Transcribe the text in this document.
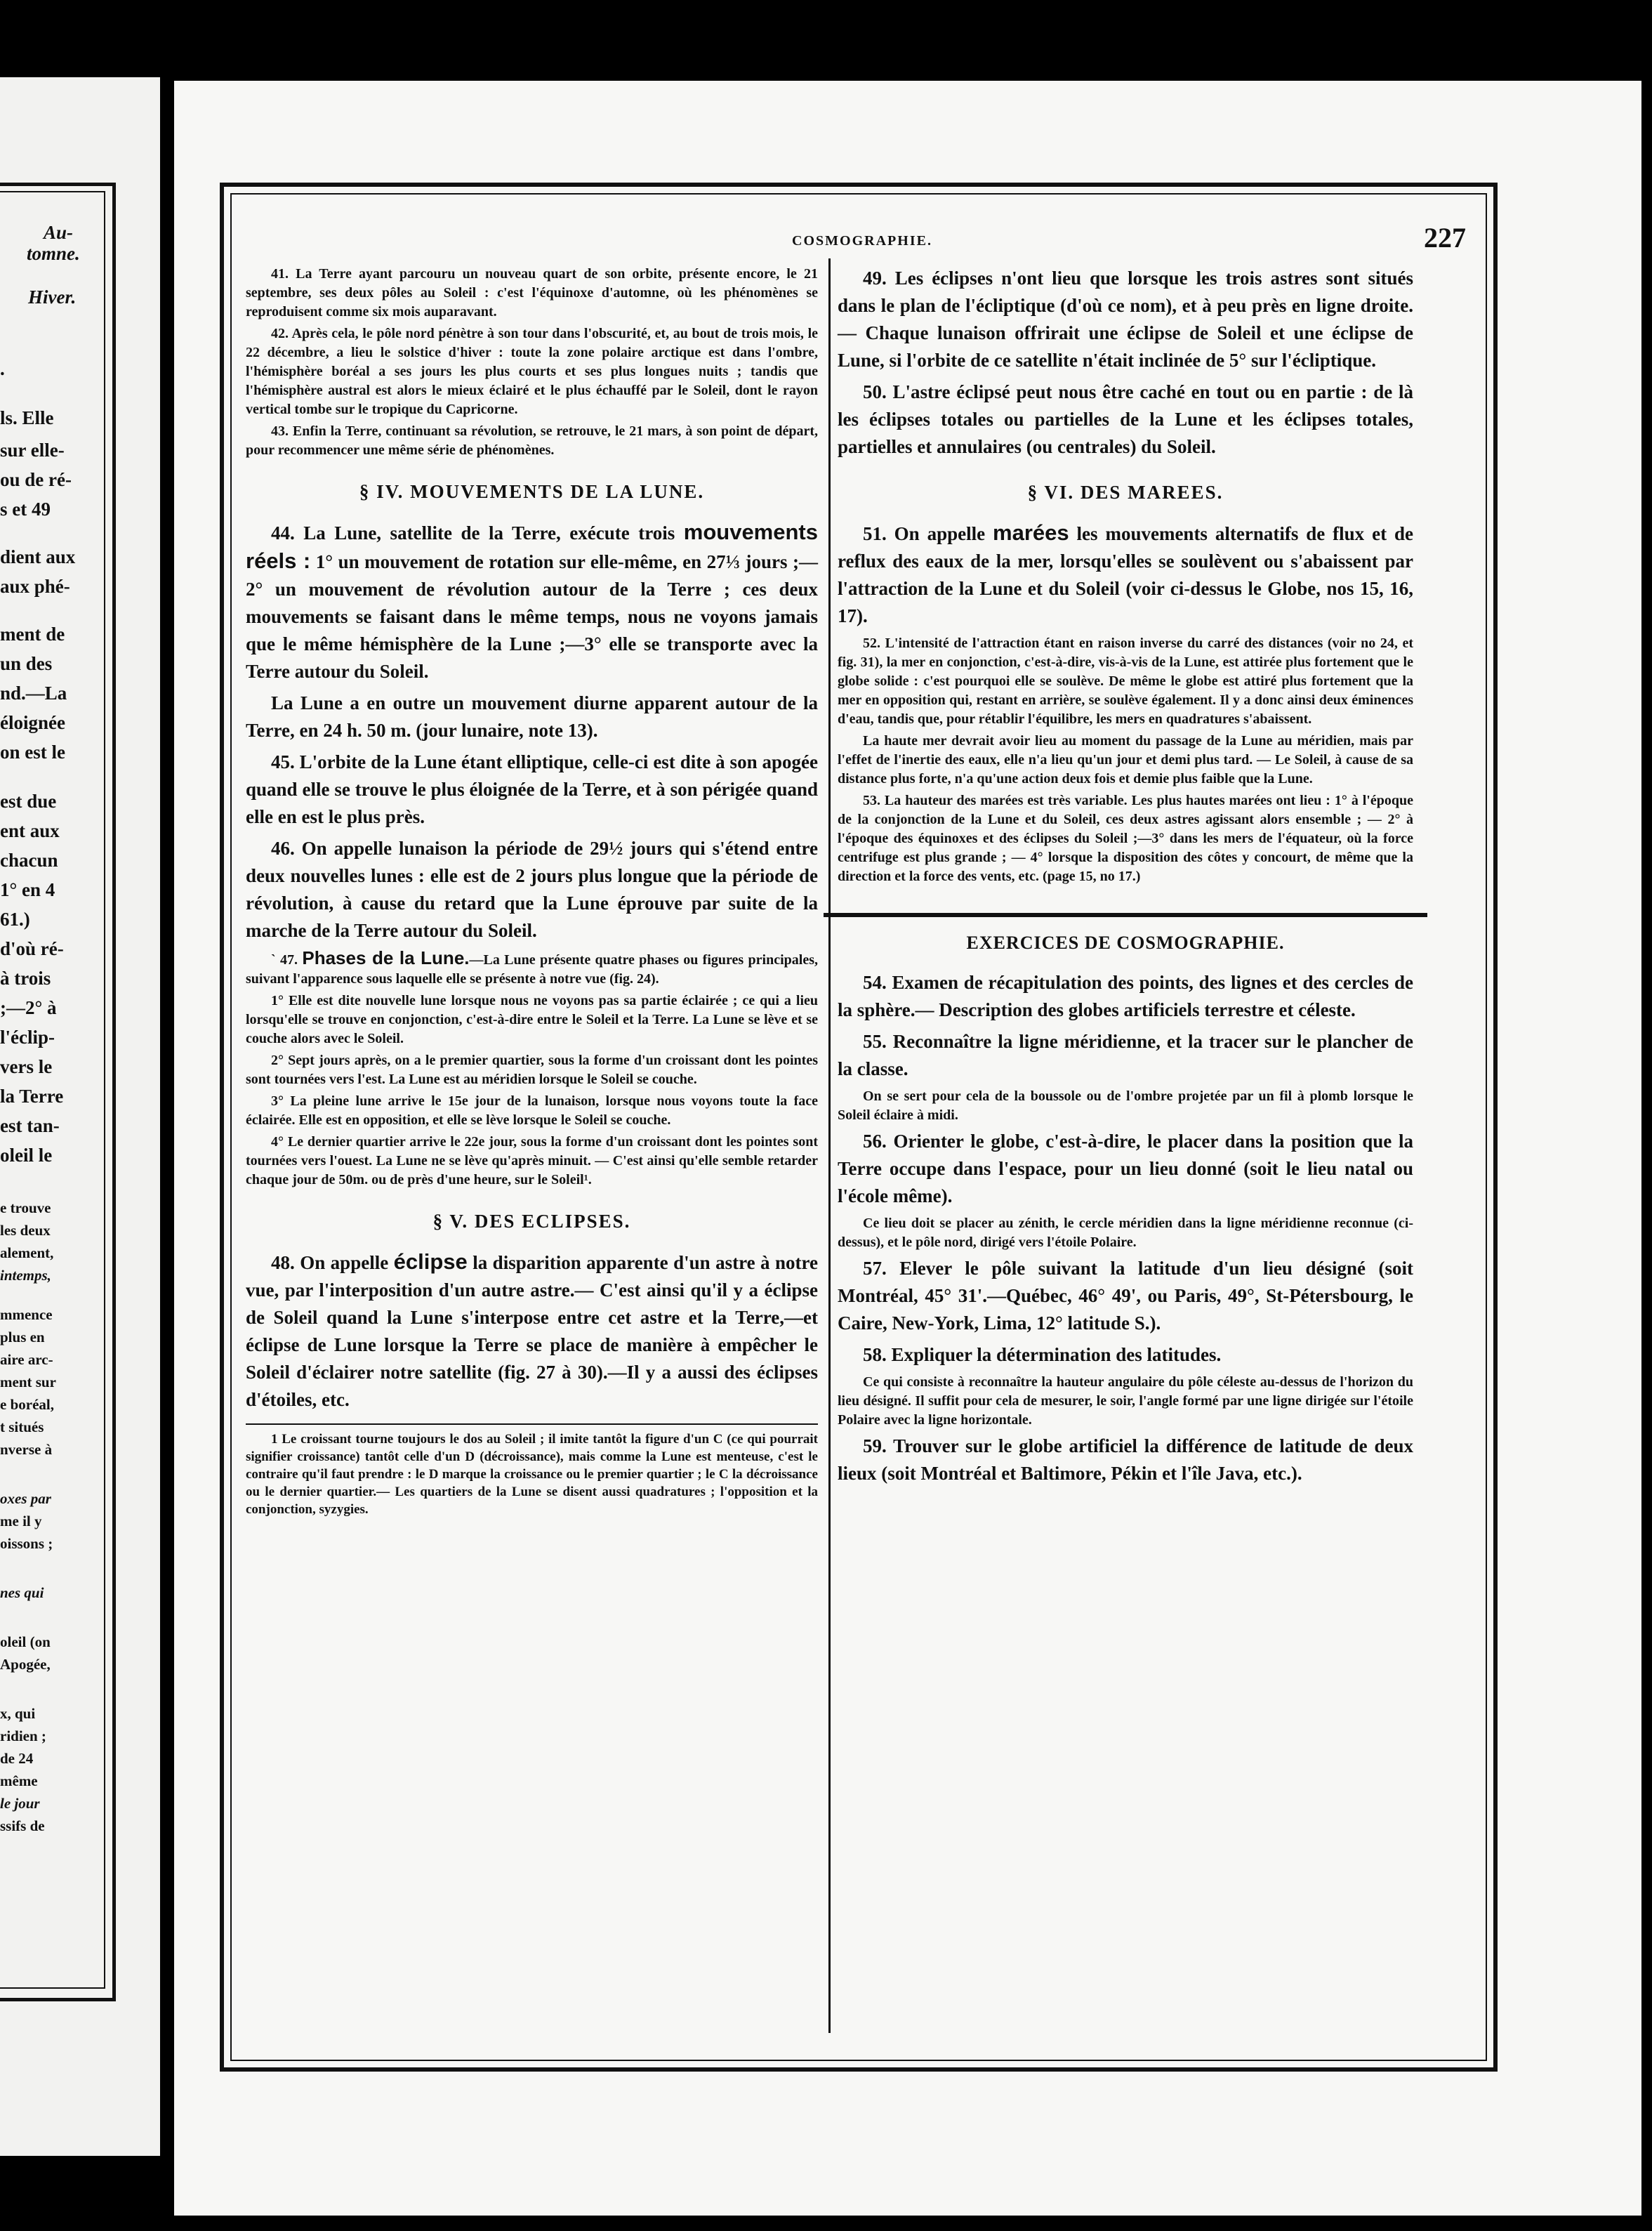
Au-
tomne.
Hiver.
.
ls. Elle
sur elle-
ou de ré-
s et 49
dient aux
aux phé-
ment de
un des
nd.—La
éloignée
on est le
est due
ent aux
chacun
1° en 4
61.)
d'où ré-
à trois
;—2° à
l'éclip-
vers le
la Terre
est tan-
oleil le
e trouve
les deux
alement,
intemps,
mmence
plus en
aire arc-
ment sur
e boréal,
t situés
nverse à
oxes par
me il y
oissons ;
nes qui
oleil (on
Apogée,
x, qui
ridien ;
de 24
même
le jour
ssifs de
COSMOGRAPHIE.	227

41. La Terre ayant parcouru un nouveau quart de son orbite, présente encore, le 21 septembre, ses deux pôles au Soleil : c'est l'équinoxe d'automne, où les phénomènes se reproduisent comme six mois auparavant.

42. Après cela, le pôle nord pénètre à son tour dans l'obscurité, et, au bout de trois mois, le 22 décembre, a lieu le solstice d'hiver : toute la zone polaire arctique est dans l'ombre, l'hémisphère boréal a ses jours les plus courts et ses plus longues nuits ; tandis que l'hémisphère austral est alors le mieux éclairé et le plus échauffé par le Soleil, dont le rayon vertical tombe sur le tropique du Capricorne.

43. Enfin la Terre, continuant sa révolution, se retrouve, le 21 mars, à son point de départ, pour recommencer une même série de phénomènes.

§ IV. MOUVEMENTS DE LA LUNE.

44. La Lune, satellite de la Terre, exécute trois mouvements réels : 1° un mouvement de rotation sur elle-même, en 27⅓ jours ;— 2° un mouvement de révolution autour de la Terre ; ces deux mouvements se faisant dans le même temps, nous ne voyons jamais que le même hémisphère de la Lune ;—3° elle se transporte avec la Terre autour du Soleil.

La Lune a en outre un mouvement diurne apparent autour de la Terre, en 24 h. 50 m. (jour lunaire, note 13).

45. L'orbite de la Lune étant elliptique, celle-ci est dite à son apogée quand elle se trouve le plus éloignée de la Terre, et à son périgée quand elle en est le plus près.

46. On appelle lunaison la période de 29½ jours qui s'étend entre deux nouvelles lunes : elle est de 2 jours plus longue que la période de révolution, à cause du retard que la Lune éprouve par suite de la marche de la Terre autour du Soleil.

` 47. Phases de la Lune.—La Lune présente quatre phases ou figures principales, suivant l'apparence sous laquelle elle se présente à notre vue (fig. 24).

1° Elle est dite nouvelle lune lorsque nous ne voyons pas sa partie éclairée ; ce qui a lieu lorsqu'elle se trouve en conjonction, c'est-à-dire entre le Soleil et la Terre. La Lune se lève et se couche alors avec le Soleil.

2° Sept jours après, on a le premier quartier, sous la forme d'un croissant dont les pointes sont tournées vers l'est. La Lune est au méridien lorsque le Soleil se couche.

3° La pleine lune arrive le 15e jour de la lunaison, lorsque nous voyons toute la face éclairée. Elle est en opposition, et elle se lève lorsque le Soleil se couche.

4° Le dernier quartier arrive le 22e jour, sous la forme d'un croissant dont les pointes sont tournées vers l'ouest. La Lune ne se lève qu'après minuit. — C'est ainsi qu'elle semble retarder chaque jour de 50m. ou de près d'une heure, sur le Soleil¹.

§ V. DES ECLIPSES.

48. On appelle éclipse la disparition apparente d'un astre à notre vue, par l'interposition d'un autre astre.— C'est ainsi qu'il y a éclipse de Soleil quand la Lune s'interpose entre cet astre et la Terre,—et éclipse de Lune lorsque la Terre se place de manière à empêcher le Soleil d'éclairer notre satellite (fig. 27 à 30).—Il y a aussi des éclipses d'étoiles, etc.

1 Le croissant tourne toujours le dos au Soleil ; il imite tantôt la figure d'un C (ce qui pourrait signifier croissance) tantôt celle d'un D (décroissance), mais comme la Lune est menteuse, c'est le contraire qu'il faut prendre : le D marque la croissance ou le premier quartier ; le C la décroissance ou le dernier quartier.— Les quartiers de la Lune se disent aussi quadratures ; l'opposition et la conjonction, syzygies.

49. Les éclipses n'ont lieu que lorsque les trois astres sont situés dans le plan de l'écliptique (d'où ce nom), et à peu près en ligne droite. — Chaque lunaison offrirait une éclipse de Soleil et une éclipse de Lune, si l'orbite de ce satellite n'était inclinée de 5° sur l'écliptique.

50. L'astre éclipsé peut nous être caché en tout ou en partie : de là les éclipses totales ou partielles de la Lune et les éclipses totales, partielles et annulaires (ou centrales) du Soleil.

§ VI. DES MAREES.

51. On appelle marées les mouvements alternatifs de flux et de reflux des eaux de la mer, lorsqu'elles se soulèvent ou s'abaissent par l'attraction de la Lune et du Soleil (voir ci-dessus le Globe, nos 15, 16, 17).

52. L'intensité de l'attraction étant en raison inverse du carré des distances (voir no 24, et fig. 31), la mer en conjonction, c'est-à-dire, vis-à-vis de la Lune, est attirée plus fortement que le globe solide : c'est pourquoi elle se soulève. De même le globe est attiré plus fortement que la mer en opposition qui, restant en arrière, se soulève également. Il y a donc ainsi deux éminences d'eau, tandis que, pour rétablir l'équilibre, les mers en quadratures s'abaissent.

La haute mer devrait avoir lieu au moment du passage de la Lune au méridien, mais par l'effet de l'inertie des eaux, elle n'a lieu qu'un jour et demi plus tard. — Le Soleil, à cause de sa distance plus forte, n'a qu'une action deux fois et demie plus faible que la Lune.

53. La hauteur des marées est très variable. Les plus hautes marées ont lieu : 1° à l'époque de la conjonction de la Lune et du Soleil, ces deux astres agissant alors ensemble ; — 2° à l'époque des équinoxes et des éclipses du Soleil ;—3° dans les mers de l'équateur, où la force centrifuge est plus grande ; — 4° lorsque la disposition des côtes y concourt, de même que la direction et la force des vents, etc. (page 15, no 17.)

EXERCICES DE COSMOGRAPHIE.

54. Examen de récapitulation des points, des lignes et des cercles de la sphère.— Description des globes artificiels terrestre et céleste.

55. Reconnaître la ligne méridienne, et la tracer sur le plancher de la classe.

On se sert pour cela de la boussole ou de l'ombre projetée par un fil à plomb lorsque le Soleil éclaire à midi.

56. Orienter le globe, c'est-à-dire, le placer dans la position que la Terre occupe dans l'espace, pour un lieu donné (soit le lieu natal ou l'école même).

Ce lieu doit se placer au zénith, le cercle méridien dans la ligne méridienne reconnue (ci-dessus), et le pôle nord, dirigé vers l'étoile Polaire.

57. Elever le pôle suivant la latitude d'un lieu désigné (soit Montréal, 45° 31'.—Québec, 46° 49', ou Paris, 49°, St-Pétersbourg, le Caire, New-York, Lima, 12° latitude S.).

58. Expliquer la détermination des latitudes.

Ce qui consiste à reconnaître la hauteur angulaire du pôle céleste au-dessus de l'horizon du lieu désigné. Il suffit pour cela de mesurer, le soir, l'angle formé par une ligne dirigée sur l'étoile Polaire avec la ligne horizontale.

59. Trouver sur le globe artificiel la différence de latitude de deux lieux (soit Montréal et Baltimore, Pékin et l'île Java, etc.).
